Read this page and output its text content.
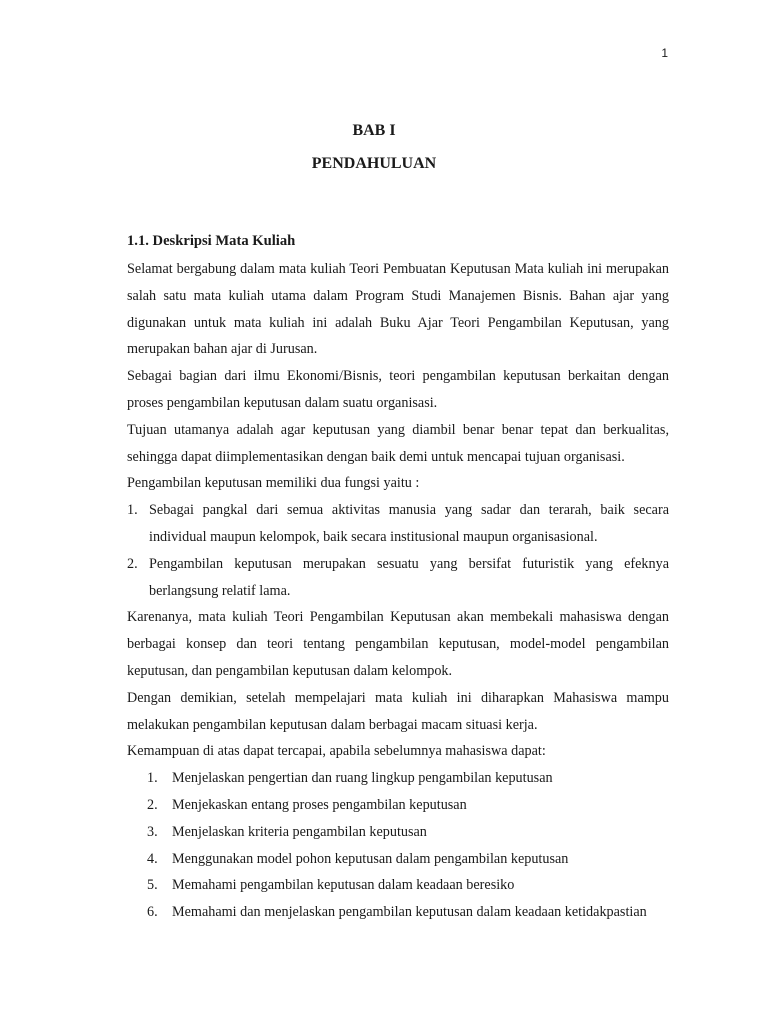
1
BAB I
PENDAHULUAN
1.1. Deskripsi Mata Kuliah

Selamat bergabung dalam mata kuliah Teori Pembuatan Keputusan Mata kuliah ini merupakan salah satu mata kuliah utama dalam Program Studi Manajemen Bisnis. Bahan ajar yang digunakan untuk mata kuliah ini adalah Buku Ajar Teori Pengambilan Keputusan, yang merupakan bahan ajar di Jurusan.

Sebagai bagian dari ilmu Ekonomi/Bisnis, teori pengambilan keputusan berkaitan dengan proses pengambilan keputusan dalam suatu organisasi.

Tujuan utamanya adalah agar keputusan yang diambil benar benar tepat dan berkualitas, sehingga dapat diimplementasikan dengan baik demi untuk mencapai tujuan organisasi.

Pengambilan keputusan memiliki dua fungsi yaitu :

1. Sebagai pangkal dari semua aktivitas manusia yang sadar dan terarah, baik secara individual maupun kelompok, baik secara institusional maupun organisasional.
2. Pengambilan keputusan merupakan sesuatu yang bersifat futuristik yang efeknya berlangsung relatif lama.

Karenanya, mata kuliah Teori Pengambilan Keputusan akan membekali mahasiswa dengan berbagai konsep dan teori tentang pengambilan keputusan, model-model pengambilan keputusan, dan pengambilan keputusan dalam kelompok.

Dengan demikian, setelah mempelajari mata kuliah ini diharapkan Mahasiswa mampu melakukan pengambilan keputusan dalam berbagai macam situasi kerja.

Kemampuan di atas dapat tercapai, apabila sebelumnya mahasiswa dapat:

1. Menjelaskan pengertian dan ruang lingkup pengambilan keputusan
2. Menjekaskan entang proses pengambilan keputusan
3. Menjelaskan kriteria pengambilan keputusan
4. Menggunakan model pohon keputusan dalam pengambilan keputusan
5. Memahami pengambilan keputusan dalam keadaan beresiko
6. Memahami dan menjelaskan pengambilan keputusan dalam keadaan ketidakpastian
